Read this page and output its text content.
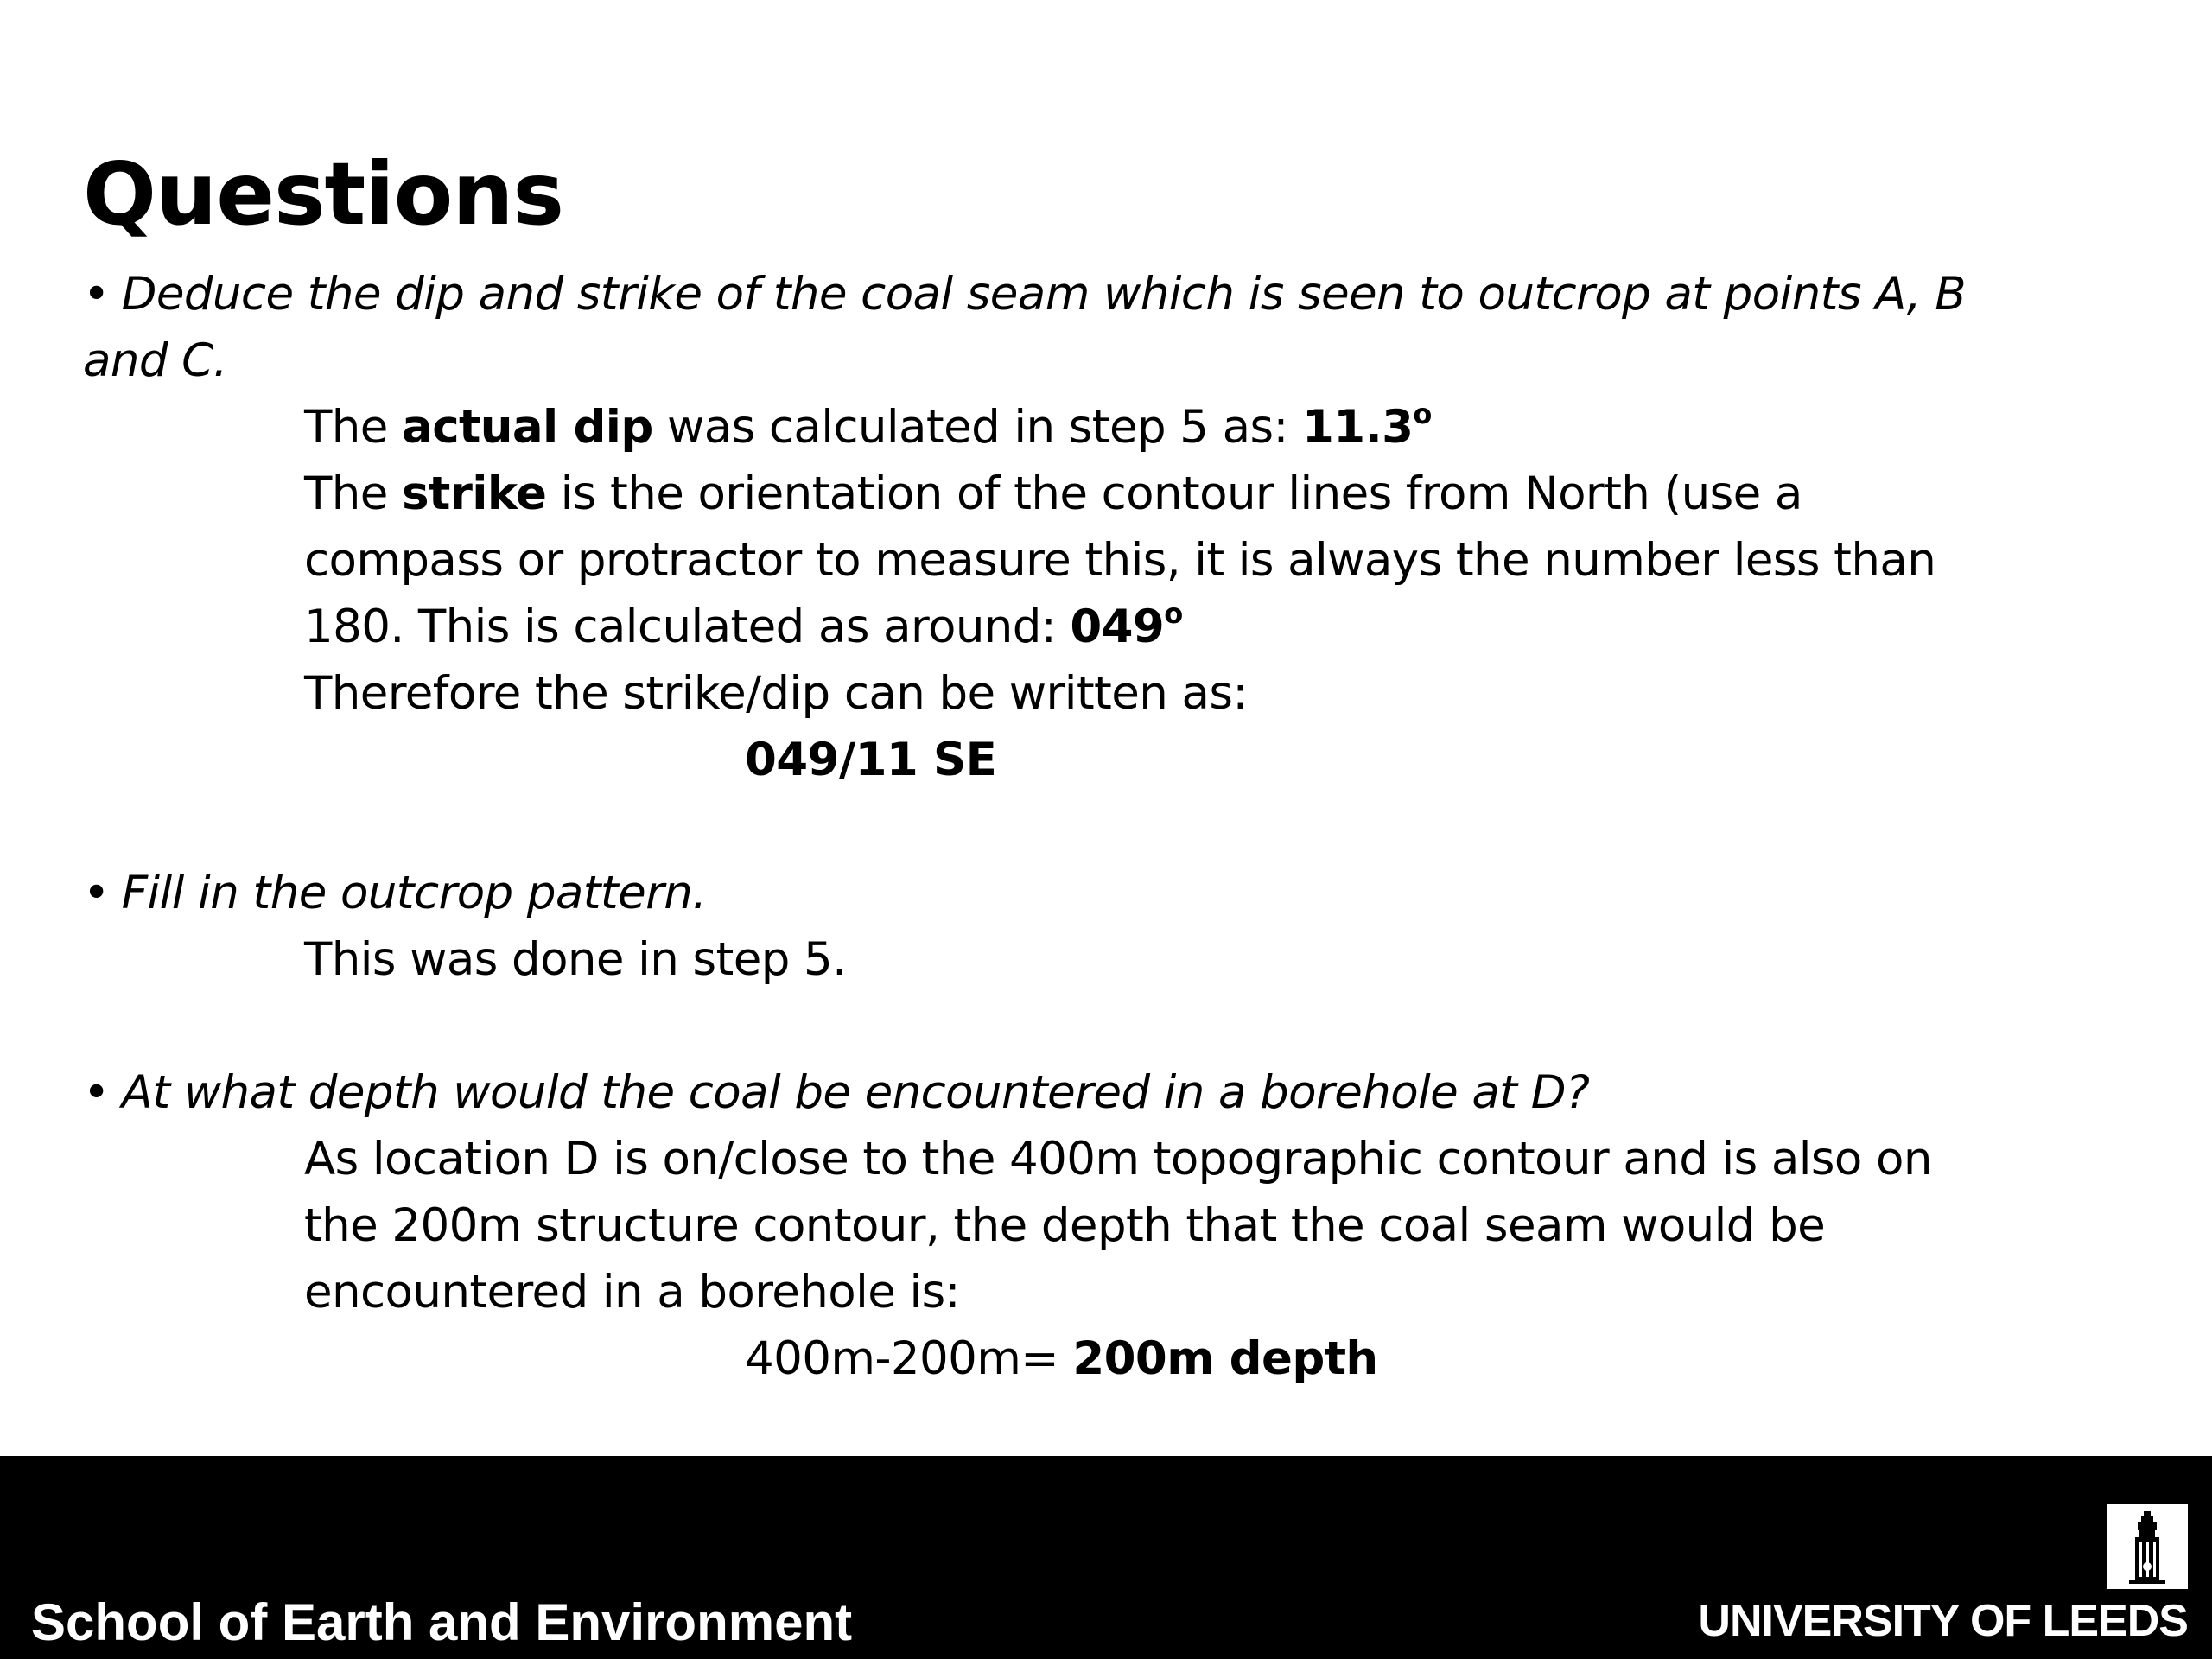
Questions
• Deduce the dip and strike of the coal seam which is seen to outcrop at points A, B
and C.
The actual dip was calculated in step 5 as: 11.3$^o$
The strike is the orientation of the contour lines from North (use a
compass or protractor to measure this, it is always the number less than
180. This is calculated as around: 049$^o$
Therefore the strike/dip can be written as:
049/11 SE
• Fill in the outcrop pattern.
This was done in step 5.
• At what depth would the coal be encountered in a borehole at D?
As location D is on/close to the 400m topographic contour and is also on
the 200m structure contour, the depth that the coal seam would be
encountered in a borehole is:
400m-200m= 200m depth
School of Earth and Environment	UNIVERSITY OF LEEDS
